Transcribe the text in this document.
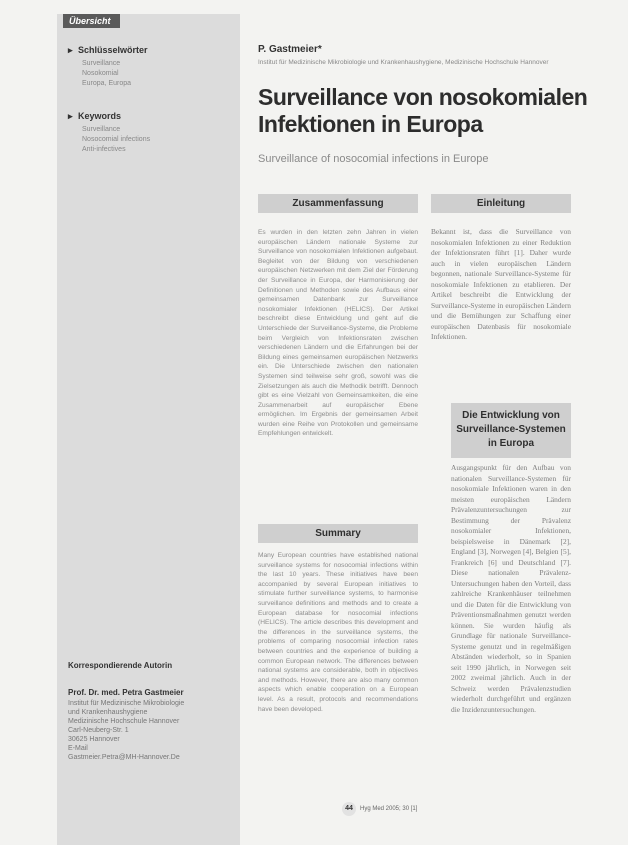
Übersicht
▸ Schlüsselwörter
Surveillance
Nosokomial
Europa, Europa
▸ Keywords
Surveillance
Nosocomial infections
Anti-infectives
Korrespondierende Autorin
Prof. Dr. med. Petra Gastmeier
Institut für Medizinische Mikrobiologie
und Krankenhaushygiene
Medizinische Hochschule Hannover
Carl-Neuberg-Str. 1
30625 Hannover
E-Mail
Gastmeier.Petra@MH-Hannover.De
P. Gastmeier*
Institut für Medizinische Mikrobiologie und Krankenhaushygiene, Medizinische Hochschule Hannover
Surveillance von nosokomialen Infektionen in Europa
Surveillance of nosocomial infections in Europe
Zusammenfassung

Es wurden in den letzten zehn Jahren in vielen europäischen Ländern nationale Systeme zur Surveillance von nosokomialen Infektionen aufgebaut. Begleitet von der Bildung von verschiedenen europäischen Netzwerken mit dem Ziel der Förderung der Surveillance in Europa, der Harmonisierung der Definitionen und Methoden sowie des Aufbaus einer gemeinsamen Datenbank zur Surveillance nosokomialer Infektionen (HELICS). Der Artikel beschreibt diese Entwicklung und geht auf die Unterschiede der Surveillance-Systeme, die Probleme beim Vergleich von Infektionsraten zwischen verschiedenen Ländern und die Erfahrungen bei der Bildung eines gemeinsamen europäischen Netzwerks ein. Die Unterschiede zwischen den nationalen Systemen sind teilweise sehr groß, sowohl was die Zielsetzungen als auch die Methodik betrifft. Dennoch gibt es eine Vielzahl von Gemeinsamkeiten, die eine Zusammenarbeit auf europäischer Ebene ermöglichen. Im Ergebnis der gemeinsamen Arbeit wurden eine Reihe von Protokollen und gemeinsame Empfehlungen entwickelt.

Summary

Many European countries have established national surveillance systems for nosocomial infections within the last 10 years. These initiatives have been accompanied by several European initiatives to stimulate further surveillance systems, to harmonise surveillance definitions and methods and to create a European database for nosocomial infections (HELICS). The article describes this development and the differences in the surveillance systems, the problems of comparing nosocomial infection rates between countries and the experience of building a common European network. The differences between national systems are considerable, both in objectives and methods. However, there are also many common aspects which enable cooperation on a European level. As a result, protocols and recommendations have been developed.

Einleitung

Bekannt ist, dass die Surveillance von nosokomialen Infektionen zu einer Reduktion der Infektionsraten führt [1]. Daher wurde auch in vielen europäischen Ländern begonnen, nationale Surveillance-Systeme für nosokomiale Infektionen zu etablieren. Der Artikel beschreibt die Entwicklung der Surveillance-Systeme in europäischen Ländern und die Bemühungen zur Schaffung einer europäischen Datenbasis für nosokomiale Infektionen.

Die Entwicklung von Surveillance-Systemen in Europa

Ausgangspunkt für den Aufbau von nationalen Surveillance-Systemen für nosokomiale Infektionen waren in den meisten europäischen Ländern Prävalenzuntersuchungen zur Bestimmung der Prävalenz nosokomialer Infektionen, beispielsweise in Dänemark [2], England [3], Norwegen [4], Belgien [5], Frankreich [6] und Deutschland [7]. Diese nationalen Prävalenz-Untersuchungen haben den Vorteil, dass zahlreiche Krankenhäuser teilnehmen und die Daten für die Entwicklung von Präventionsmaßnahmen genutzt werden können. Sie wurden häufig als Grundlage für nationale Surveillance-Systeme genutzt und in regelmäßigen Abständen wiederholt, so in Spanien seit 1990 jährlich, in Norwegen seit 2002 zweimal jährlich. Auch in der Schweiz werden Prävalenzstudien wiederholt durchgeführt und ergänzen die Inzidenzuntersuchungen.

44	Hyg Med 2005; 30 [1]
